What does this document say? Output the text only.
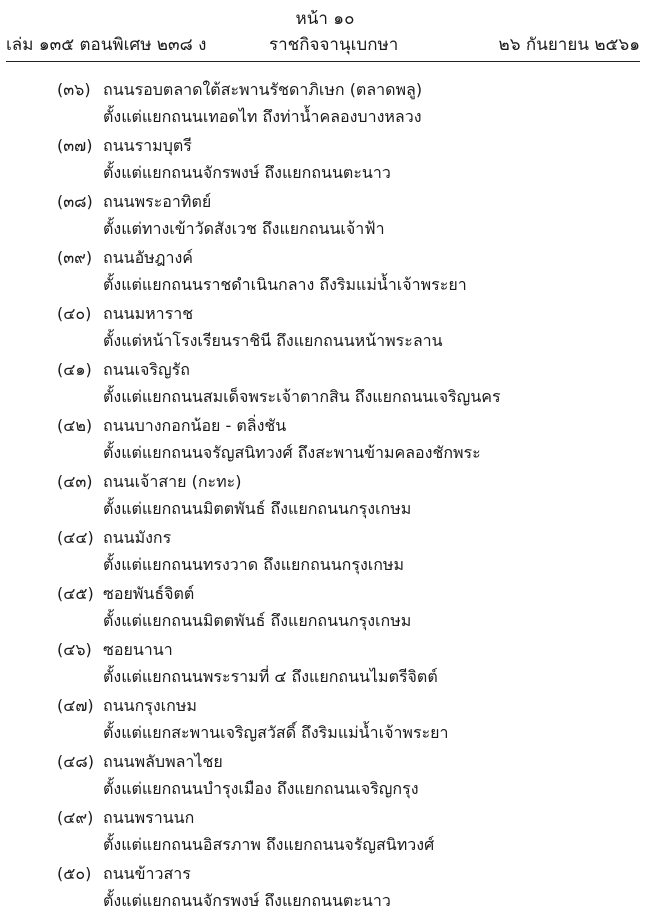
หน้า ๑๐
เล่ม ๑๓๕ ตอนพิเศษ ๒๓๘ ง	ราชกิจจานุเบกษา	๒๖ กันยายน ๒๕๖๑
(๓๖) ถนนรอบตลาดใต้สะพานรัชดาภิเษก (ตลาดพลู)
ตั้งแต่แยกถนนเทอดไท ถึงท่าน้ำคลองบางหลวง
(๓๗) ถนนรามบุตรี
ตั้งแต่แยกถนนจักรพงษ์ ถึงแยกถนนตะนาว
(๓๘) ถนนพระอาทิตย์
ตั้งแต่ทางเข้าวัดสังเวช ถึงแยกถนนเจ้าฟ้า
(๓๙) ถนนอัษฎางค์
ตั้งแต่แยกถนนราชดำเนินกลาง ถึงริมแม่น้ำเจ้าพระยา
(๔๐) ถนนมหาราช
ตั้งแต่หน้าโรงเรียนราชินี ถึงแยกถนนหน้าพระลาน
(๔๑) ถนนเจริญรัถ
ตั้งแต่แยกถนนสมเด็จพระเจ้าตากสิน ถึงแยกถนนเจริญนคร
(๔๒) ถนนบางกอกน้อย - ตลิ่งชัน
ตั้งแต่แยกถนนจรัญสนิทวงศ์ ถึงสะพานข้ามคลองชักพระ
(๔๓) ถนนเจ้าสาย (กะทะ)
ตั้งแต่แยกถนนมิตตพันธ์ ถึงแยกถนนกรุงเกษม
(๔๔) ถนนมังกร
ตั้งแต่แยกถนนทรงวาด ถึงแยกถนนกรุงเกษม
(๔๕) ซอยพันธ์จิตต์
ตั้งแต่แยกถนนมิตตพันธ์ ถึงแยกถนนกรุงเกษม
(๔๖) ซอยนานา
ตั้งแต่แยกถนนพระรามที่ ๔ ถึงแยกถนนไมตรีจิตต์
(๔๗) ถนนกรุงเกษม
ตั้งแต่แยกสะพานเจริญสวัสดิ์ ถึงริมแม่น้ำเจ้าพระยา
(๔๘) ถนนพลับพลาไชย
ตั้งแต่แยกถนนบำรุงเมือง ถึงแยกถนนเจริญกรุง
(๔๙) ถนนพรานนก
ตั้งแต่แยกถนนอิสรภาพ ถึงแยกถนนจรัญสนิทวงศ์
(๕๐) ถนนข้าวสาร
ตั้งแต่แยกถนนจักรพงษ์ ถึงแยกถนนตะนาว
